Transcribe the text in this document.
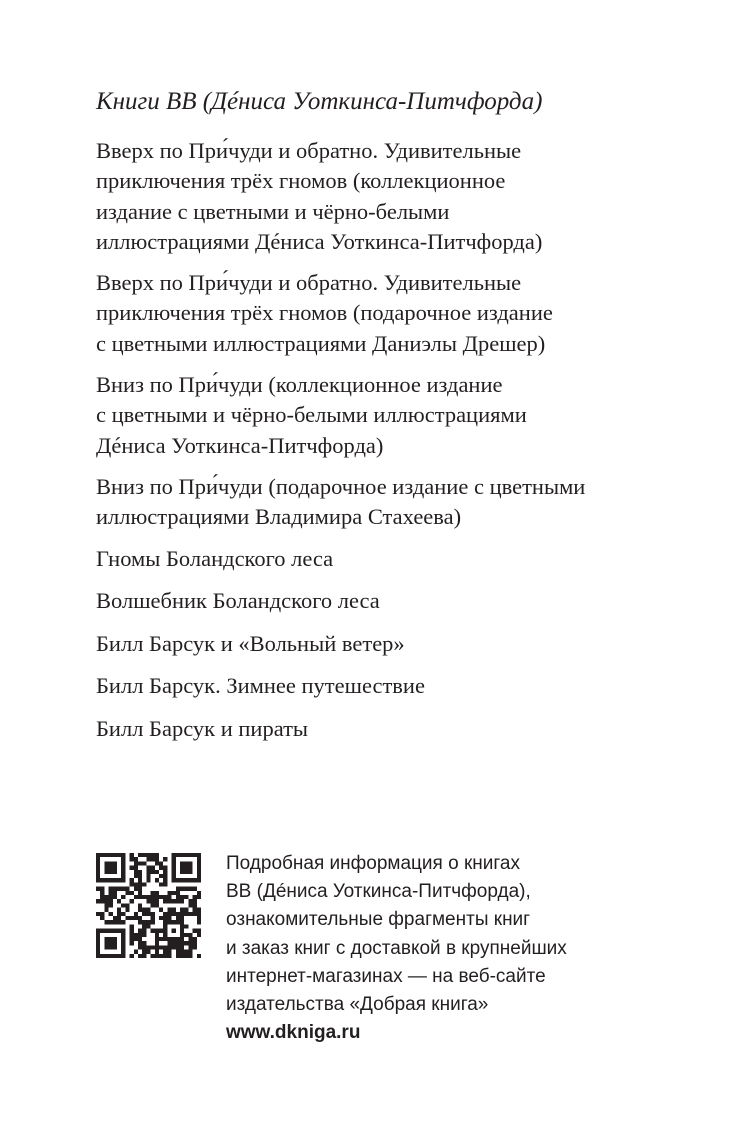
Книги ВВ (Дéниса Уоткинса-Питчфорда)
Вверх по При́чуди и обратно. Удивительные
приключения трёх гномов (коллекционное
издание с цветными и чёрно-белыми
иллюстрациями Дéниса Уоткинса-Питчфорда)
Вверх по При́чуди и обратно. Удивительные
приключения трёх гномов (подарочное издание
с цветными иллюстрациями Даниэлы Дрешер)
Вниз по При́чуди (коллекционное издание
с цветными и чёрно-белыми иллюстрациями
Дéниса Уоткинса-Питчфорда)
Вниз по При́чуди (подарочное издание с цветными
иллюстрациями Владимира Стахеева)
Гномы Боландского леса
Волшебник Боландского леса
Билл Барсук и «Вольный ветер»
Билл Барсук. Зимнее путешествие
Билл Барсук и пираты
Подробная информация о книгах
ВВ (Дéниса Уоткинса-Питчфорда),
ознакомительные фрагменты книг
и заказ книг с доставкой в крупнейших
интернет-магазинах — на веб-сайте
издательства «Добрая книга»
www.dkniga.ru
